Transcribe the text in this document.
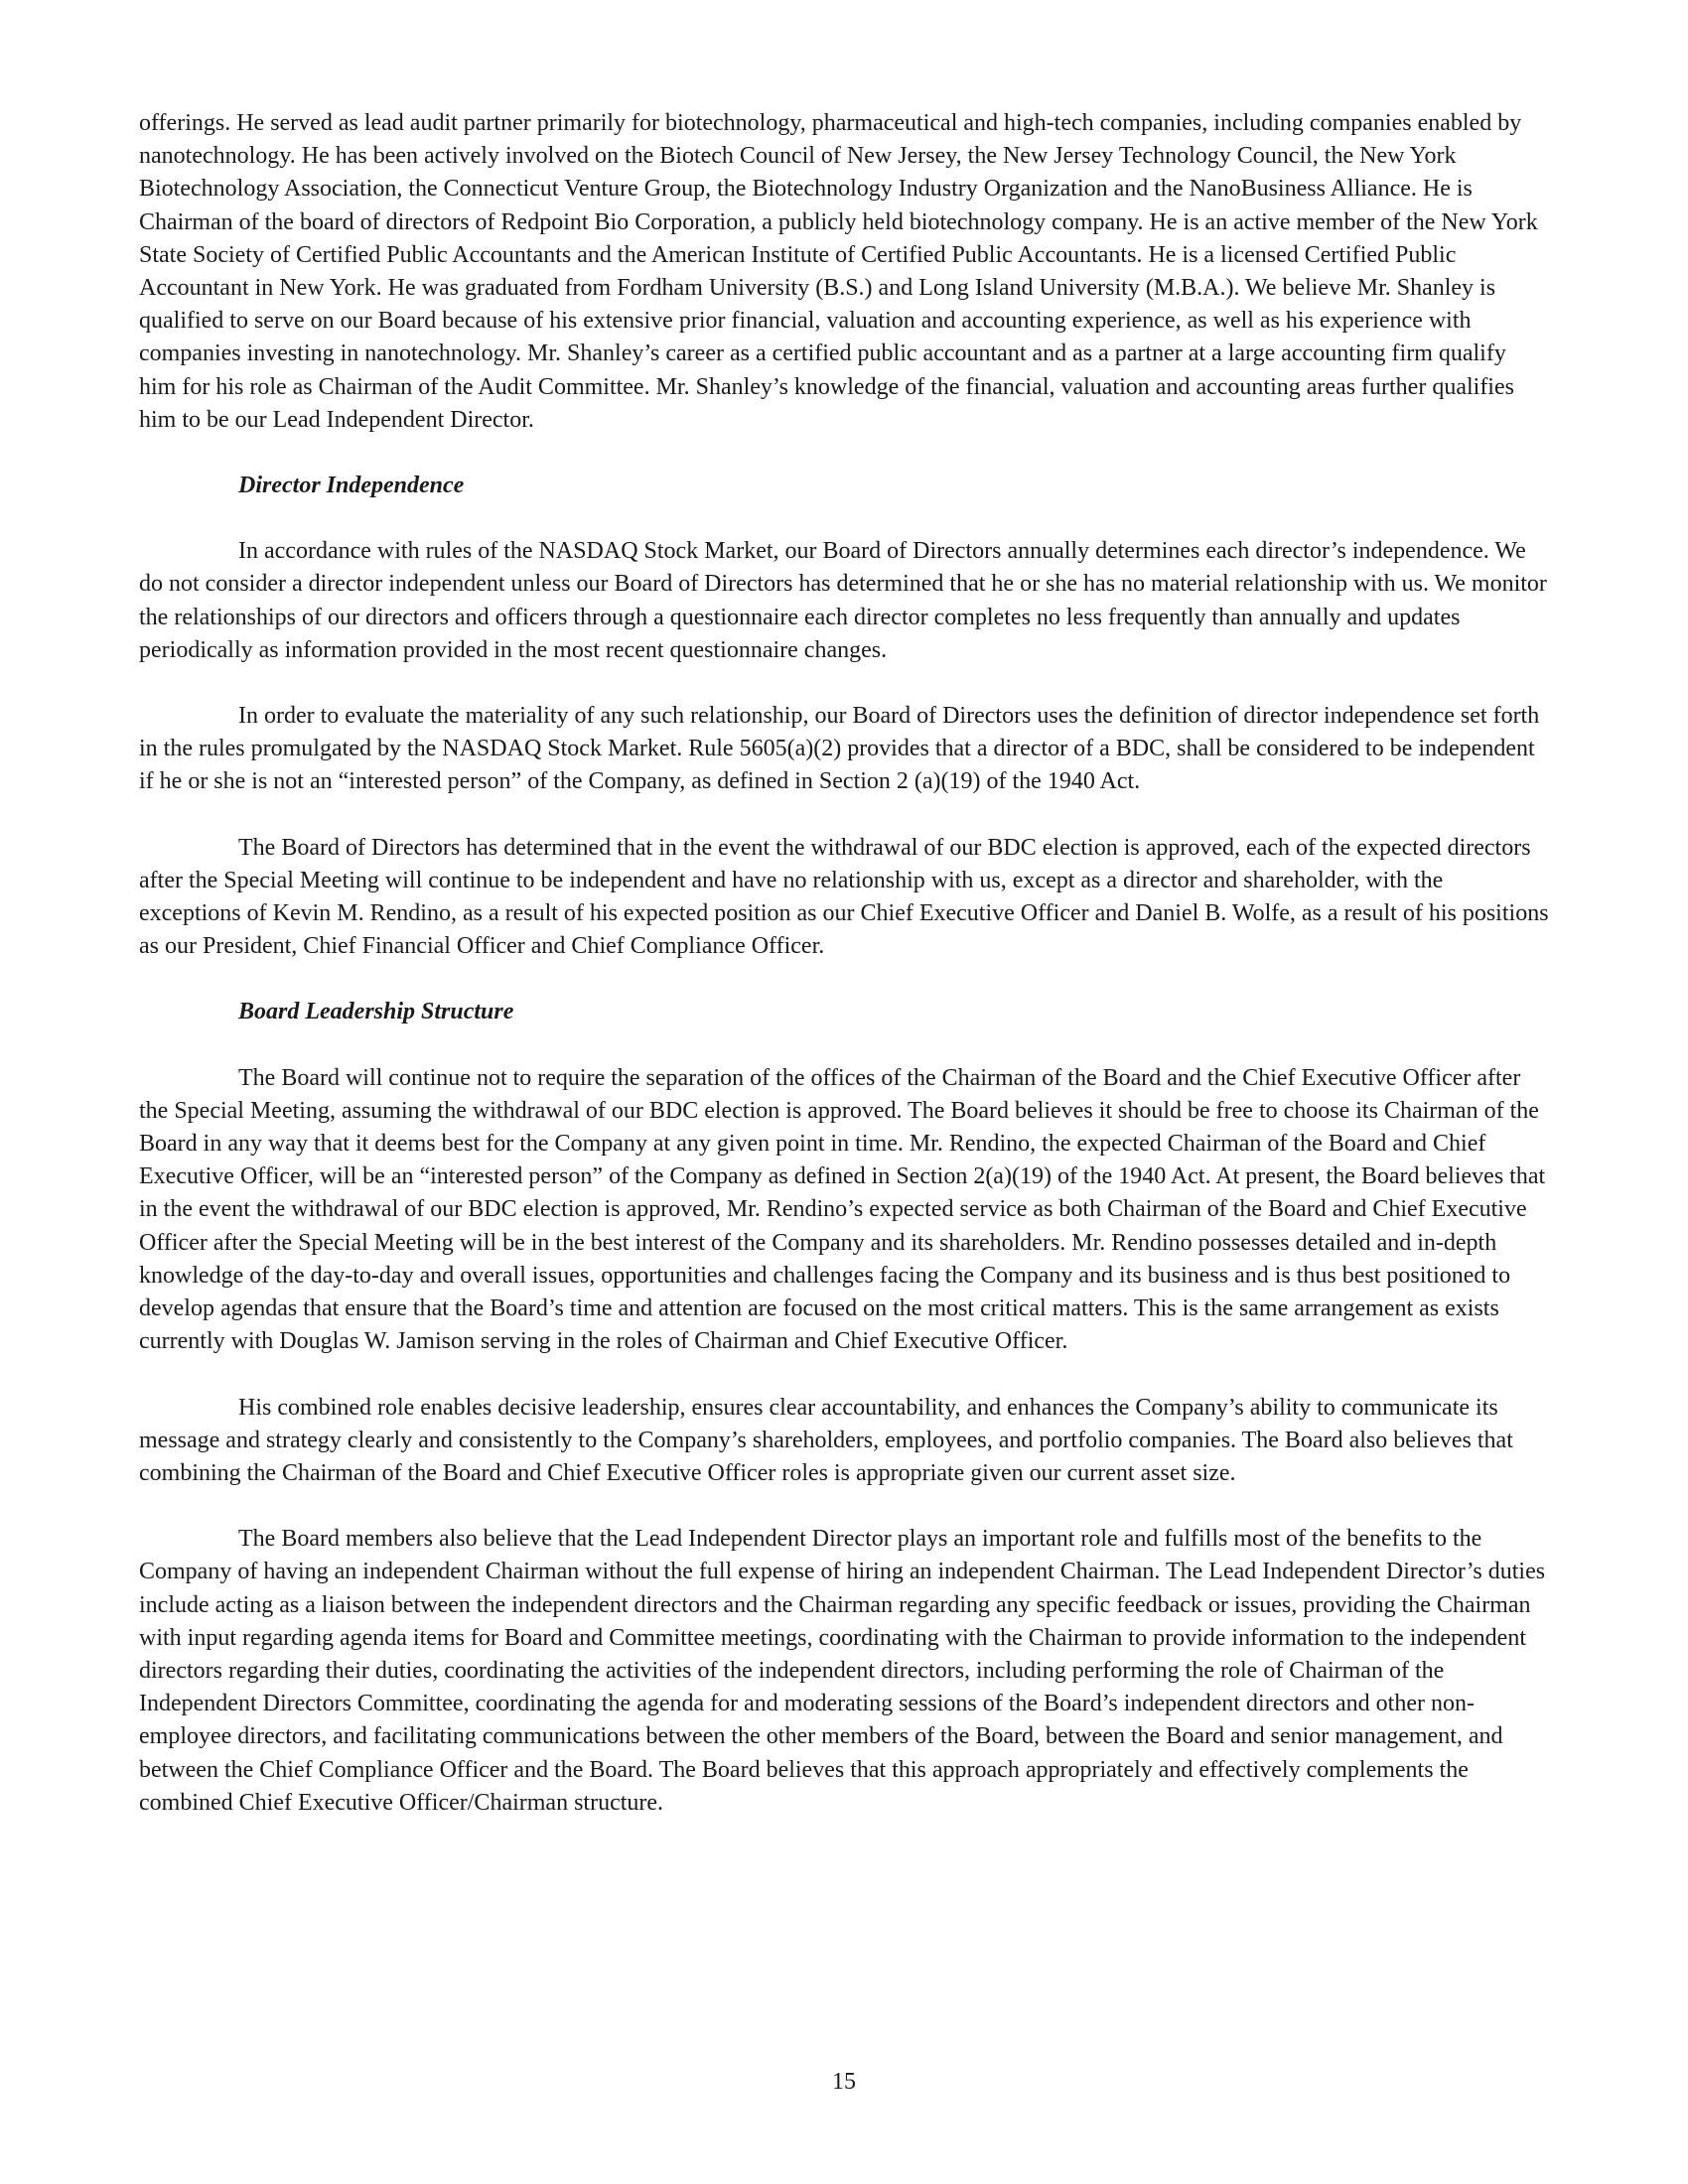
offerings. He served as lead audit partner primarily for biotechnology, pharmaceutical and high-tech companies, including companies enabled by nanotechnology. He has been actively involved on the Biotech Council of New Jersey, the New Jersey Technology Council, the New York Biotechnology Association, the Connecticut Venture Group, the Biotechnology Industry Organization and the NanoBusiness Alliance. He is Chairman of the board of directors of Redpoint Bio Corporation, a publicly held biotechnology company. He is an active member of the New York State Society of Certified Public Accountants and the American Institute of Certified Public Accountants. He is a licensed Certified Public Accountant in New York. He was graduated from Fordham University (B.S.) and Long Island University (M.B.A.). We believe Mr. Shanley is qualified to serve on our Board because of his extensive prior financial, valuation and accounting experience, as well as his experience with companies investing in nanotechnology. Mr. Shanley’s career as a certified public accountant and as a partner at a large accounting firm qualify him for his role as Chairman of the Audit Committee. Mr. Shanley’s knowledge of the financial, valuation and accounting areas further qualifies him to be our Lead Independent Director.

Director Independence

In accordance with rules of the NASDAQ Stock Market, our Board of Directors annually determines each director’s independence. We do not consider a director independent unless our Board of Directors has determined that he or she has no material relationship with us. We monitor the relationships of our directors and officers through a questionnaire each director completes no less frequently than annually and updates periodically as information provided in the most recent questionnaire changes.

In order to evaluate the materiality of any such relationship, our Board of Directors uses the definition of director independence set forth in the rules promulgated by the NASDAQ Stock Market. Rule 5605(a)(2) provides that a director of a BDC, shall be considered to be independent if he or she is not an “interested person” of the Company, as defined in Section 2 (a)(19) of the 1940 Act.

The Board of Directors has determined that in the event the withdrawal of our BDC election is approved, each of the expected directors after the Special Meeting will continue to be independent and have no relationship with us, except as a director and shareholder, with the exceptions of Kevin M. Rendino, as a result of his expected position as our Chief Executive Officer and Daniel B. Wolfe, as a result of his positions as our President, Chief Financial Officer and Chief Compliance Officer.

Board Leadership Structure

The Board will continue not to require the separation of the offices of the Chairman of the Board and the Chief Executive Officer after the Special Meeting, assuming the withdrawal of our BDC election is approved. The Board believes it should be free to choose its Chairman of the Board in any way that it deems best for the Company at any given point in time. Mr. Rendino, the expected Chairman of the Board and Chief Executive Officer, will be an “interested person” of the Company as defined in Section 2(a)(19) of the 1940 Act. At present, the Board believes that in the event the withdrawal of our BDC election is approved, Mr. Rendino’s expected service as both Chairman of the Board and Chief Executive Officer after the Special Meeting will be in the best interest of the Company and its shareholders. Mr. Rendino possesses detailed and in-depth knowledge of the day-to-day and overall issues, opportunities and challenges facing the Company and its business and is thus best positioned to develop agendas that ensure that the Board’s time and attention are focused on the most critical matters. This is the same arrangement as exists currently with Douglas W. Jamison serving in the roles of Chairman and Chief Executive Officer.

His combined role enables decisive leadership, ensures clear accountability, and enhances the Company’s ability to communicate its message and strategy clearly and consistently to the Company’s shareholders, employees, and portfolio companies. The Board also believes that combining the Chairman of the Board and Chief Executive Officer roles is appropriate given our current asset size.

The Board members also believe that the Lead Independent Director plays an important role and fulfills most of the benefits to the Company of having an independent Chairman without the full expense of hiring an independent Chairman. The Lead Independent Director’s duties include acting as a liaison between the independent directors and the Chairman regarding any specific feedback or issues, providing the Chairman with input regarding agenda items for Board and Committee meetings, coordinating with the Chairman to provide information to the independent directors regarding their duties, coordinating the activities of the independent directors, including performing the role of Chairman of the Independent Directors Committee, coordinating the agenda for and moderating sessions of the Board’s independent directors and other non-employee directors, and facilitating communications between the other members of the Board, between the Board and senior management, and between the Chief Compliance Officer and the Board. The Board believes that this approach appropriately and effectively complements the combined Chief Executive Officer/Chairman structure.

15
